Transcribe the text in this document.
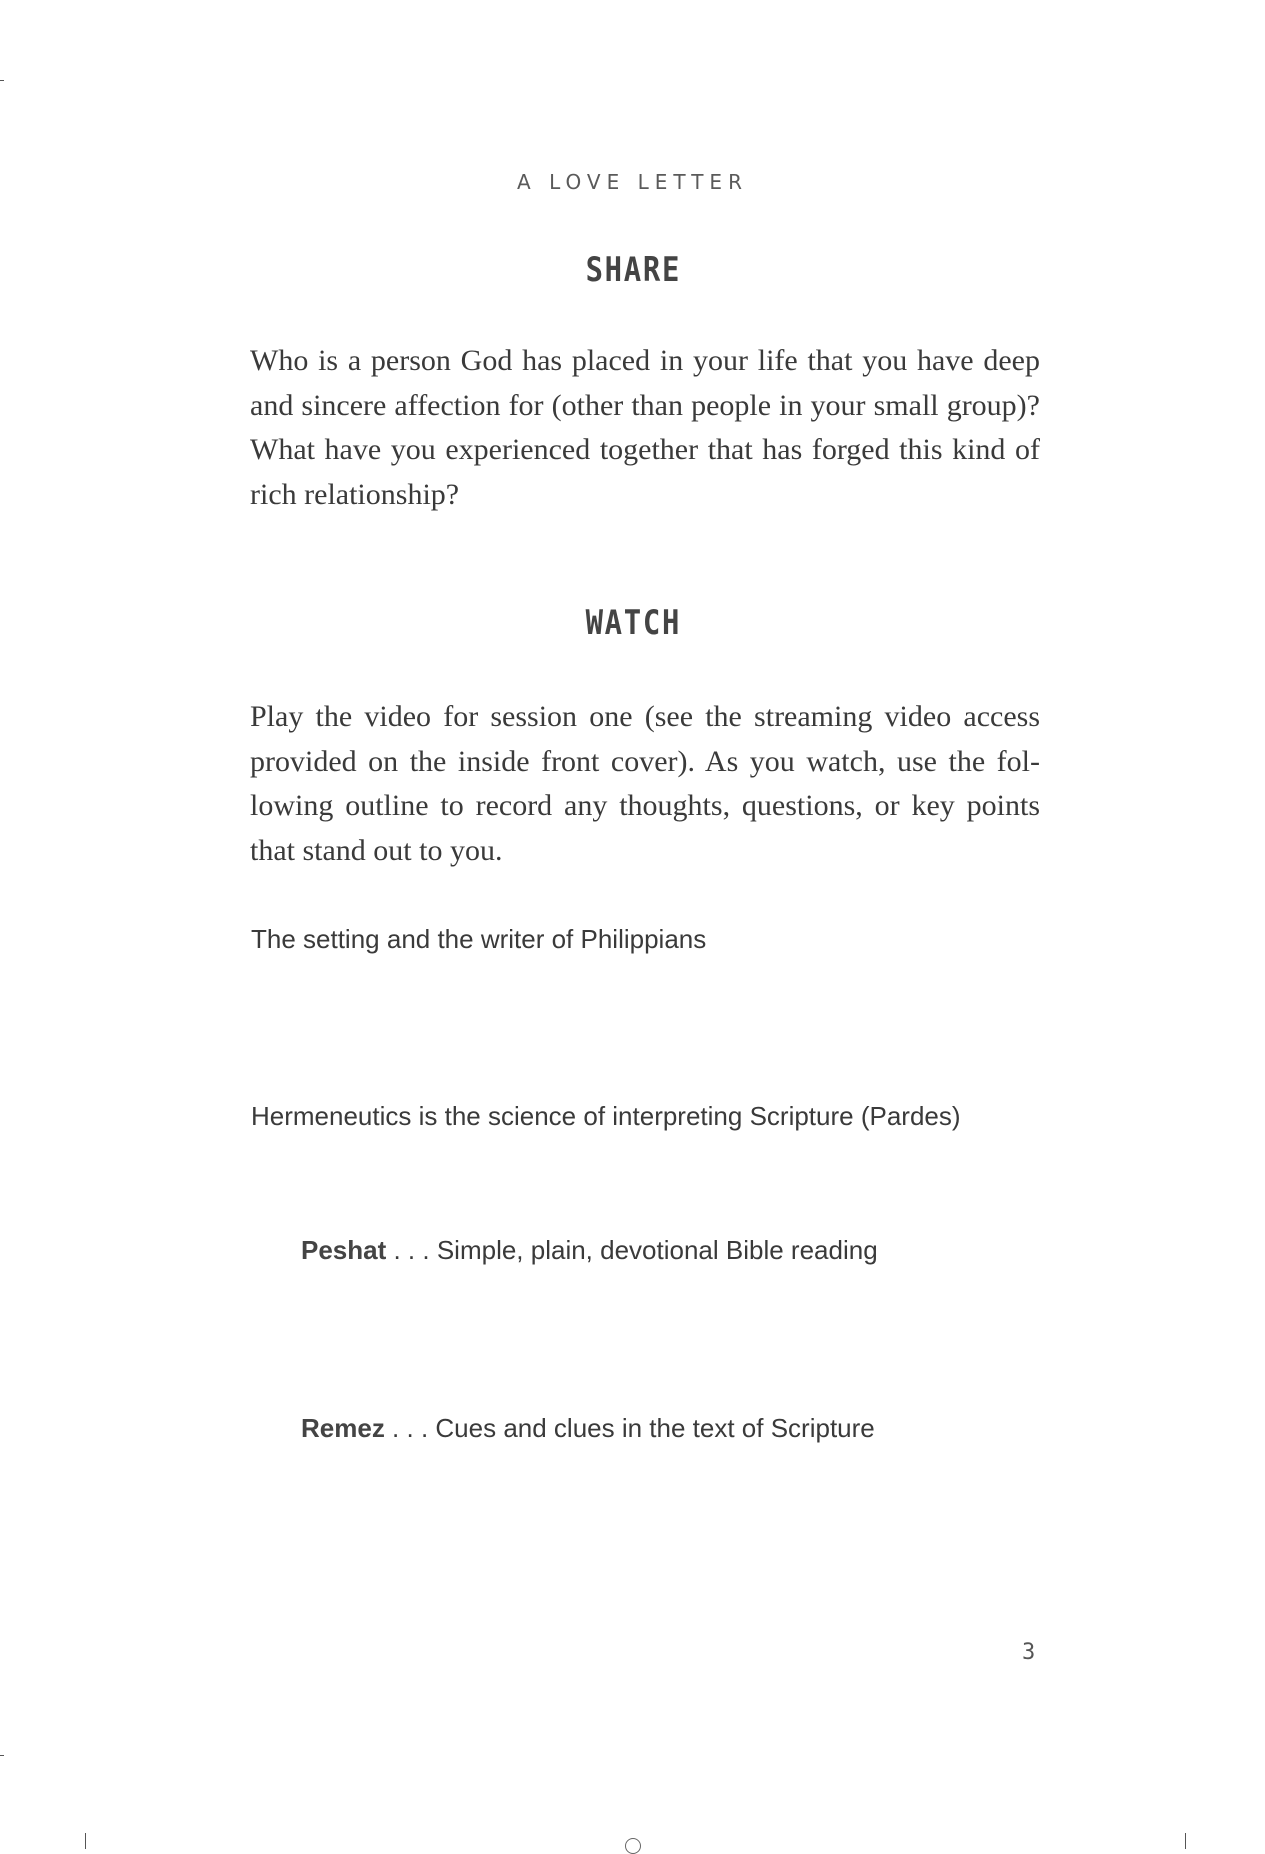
A LOVE LETTER
SHARE
Who is a person God has placed in your life that you have deep and sincere affection for (other than people in your small group)? What have you experienced together that has forged this kind of rich relationship?
WATCH
Play the video for session one (see the streaming video access provided on the inside front cover). As you watch, use the fol-lowing outline to record any thoughts, questions, or key points that stand out to you.
The setting and the writer of Philippians
Hermeneutics is the science of interpreting Scripture (Pardes)
Peshat . . . Simple, plain, devotional Bible reading
Remez . . . Cues and clues in the text of Scripture
3
